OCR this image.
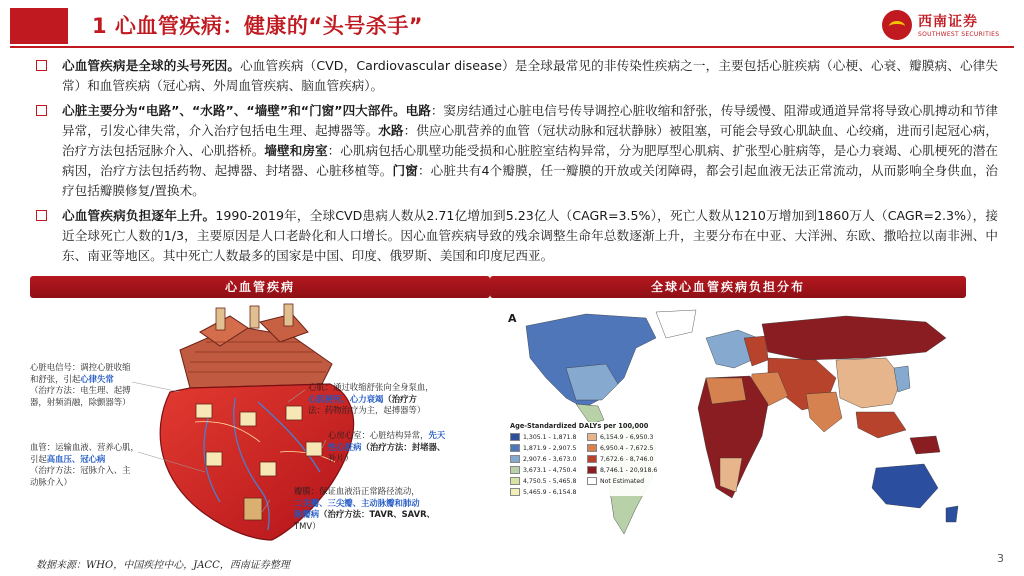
1 心血管疾病：健康的“头号杀手”	西南证券
SOUTHWEST SECURITIES
心血管疾病是全球的头号死因。心血管疾病（CVD，Cardiovascular disease）是全球最常见的非传染性疾病之一，主要包括心脏疾病（心梗、心衰、瓣膜病、心律失常）和血管疾病（冠心病、外周血管疾病、脑血管疾病）。
心脏主要分为“电路”、“水路”、“墙壁”和“门窗”四大部件。电路：窦房结通过心脏电信号传导调控心脏收缩和舒张，传导缓慢、阻滞或通道异常将导致心肌搏动和节律异常，引发心律失常，介入治疗包括电生理、起搏器等。水路：供应心肌营养的血管（冠状动脉和冠状静脉）被阻塞，可能会导致心肌缺血、心绞痛，进而引起冠心病，治疗方法包括冠脉介入、心肌搭桥。墙壁和房室：心肌病包括心肌壁功能受损和心脏腔室结构异常，分为肥厚型心肌病、扩张型心脏病等，是心力衰竭、心肌梗死的潜在病因，治疗方法包括药物、起搏器、封堵器、心脏移植等。门窗：心脏共有4个瓣膜，任一瓣膜的开放或关闭障碍，都会引起血液无法正常流动，从而影响全身供血，治疗包括瓣膜修复/置换术。
心血管疾病负担逐年上升。1990-2019年，全球CVD患病人数从2.71亿增加到5.23亿人（CAGR=3.5%），死亡人数从1210万增加到1860万人（CAGR=2.3%），接近全球死亡人数的1/3，主要原因是人口老龄化和人口增长。因心血管疾病导致的残余调整生命年总数逐渐上升，主要分布在中亚、大洋洲、东欧、撒哈拉以南非洲、中东、南亚等地区。其中死亡人数最多的国家是中国、印度、俄罗斯、美国和印度尼西亚。
心血管疾病	全球心血管疾病负担分布
心脏电信号：调控心脏收缩
和舒张，引起心律失常
（治疗方法：电生理、起搏
器，射频消融，除颤器等）
血管：运输血液、营养心肌，
引起高血压、冠心病
（治疗方法：冠脉介入、主
动脉介入）
心肌：通过收缩舒张向全身泵血，
心肌梗死、心力衰竭（治疗方
法：药物治疗为主，起搏器等）
心房心室：心脏结构异常，先天
性心脏病（治疗方法：封堵器、
补片）
瓣膜：保证血液沿正常路径流动，
二尖瓣、三尖瓣、主动脉瓣和肺动
脉瓣病（治疗方法：TAVR、SAVR、
TMV）
A
Age-Standardized DALYs per 100,000
1,305.1 - 1,871.8	6,154.9 - 6,950.3
1,871.9 - 2,907.5	6,950.4 - 7,672.5
2,907.6 - 3,673.0	7,672.6 - 8,746.0
3,673.1 - 4,750.4	8,746.1 - 20,918.6
4,750.5 - 5,465.8	Not Estimated
5,465.9 - 6,154.8
数据来源：WHO，中国疾控中心，JACC，西南证券整理
3
